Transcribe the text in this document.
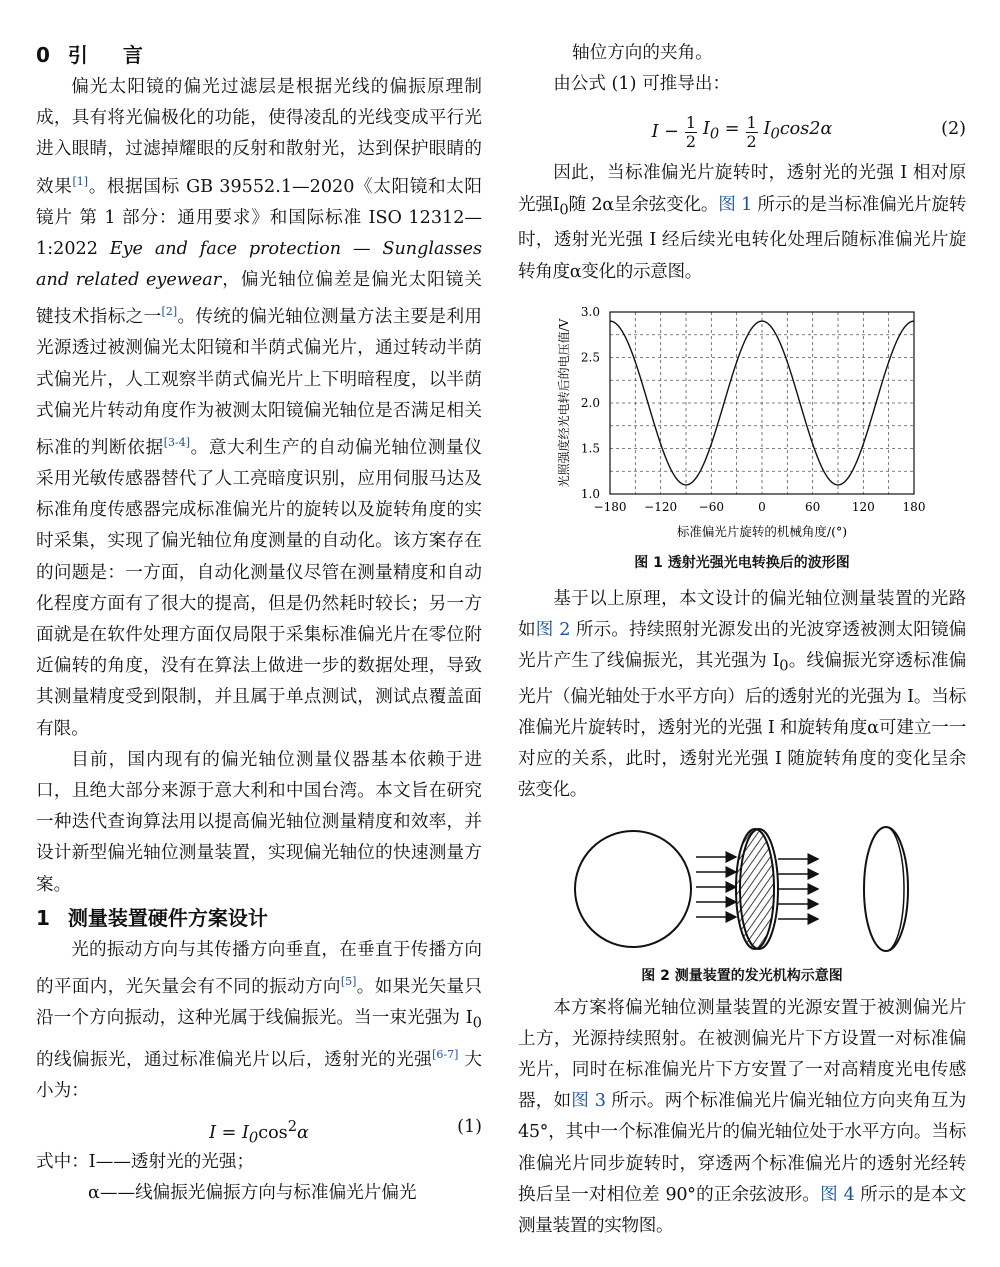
0 引 言

偏光太阳镜的偏光过滤层是根据光线的偏振原理制成，具有将光偏极化的功能，使得凌乱的光线变成平行光进入眼睛，过滤掉耀眼的反射和散射光，达到保护眼睛的效果[1]。根据国标 GB 39552.1—2020《太阳镜和太阳镜片 第 1 部分：通用要求》和国际标准 ISO 12312—1:2022 Eye and face protection — Sunglasses and related eyewear，偏光轴位偏差是偏光太阳镜关键技术指标之一[2]。传统的偏光轴位测量方法主要是利用光源透过被测偏光太阳镜和半荫式偏光片，通过转动半荫式偏光片，人工观察半荫式偏光片上下明暗程度，以半荫式偏光片转动角度作为被测太阳镜偏光轴位是否满足相关标准的判断依据[3-4]。意大利生产的自动偏光轴位测量仪采用光敏传感器替代了人工亮暗度识别，应用伺服马达及标准角度传感器完成标准偏光片的旋转以及旋转角度的实时采集，实现了偏光轴位角度测量的自动化。该方案存在的问题是：一方面，自动化测量仪尽管在测量精度和自动化程度方面有了很大的提高，但是仍然耗时较长；另一方面就是在软件处理方面仅局限于采集标准偏光片在零位附近偏转的角度，没有在算法上做进一步的数据处理，导致其测量精度受到限制，并且属于单点测试，测试点覆盖面有限。

目前，国内现有的偏光轴位测量仪器基本依赖于进口，且绝大部分来源于意大利和中国台湾。本文旨在研究一种迭代查询算法用以提高偏光轴位测量精度和效率，并设计新型偏光轴位测量装置，实现偏光轴位的快速测量方案。

1 测量装置硬件方案设计

光的振动方向与其传播方向垂直，在垂直于传播方向的平面内，光矢量会有不同的振动方向[5]。如果光矢量只沿一个方向振动，这种光属于线偏振光。当一束光强为 $I_0$ 的线偏振光，通过标准偏光片以后，透射光的光强[6-7] 大小为：

$I = I_0\cos^2\alpha$	(1)

式中：I——透射光的光强；

α——线偏振光偏振方向与标准偏光片偏光

轴位方向的夹角。

由公式 (1) 可推导出：

$I - \frac{1}{2} I_0 = \frac{1}{2} I_0\cos 2\alpha$	(2)

因此，当标准偏光片旋转时，透射光的光强 I 相对原光强$I_0$随 2α呈余弦变化。图 1 所示的是当标准偏光片旋转时，透射光光强 I 经后续光电转化处理后随标准偏光片旋转角度α变化的示意图。

1.0
1.5
2.0
2.5
3.0
−180 −120 −60	0	60	120 180
标准偏光片旋转的机械角度/(°)
光照强度经光电转后的电压值/V
图 1 透射光强光电转换后的波形图

基于以上原理，本文设计的偏光轴位测量装置的光路如图 2 所示。持续照射光源发出的光波穿透被测太阳镜偏光片产生了线偏振光，其光强为 $I_0$。线偏振光穿透标准偏光片（偏光轴处于水平方向）后的透射光的光强为 I。当标准偏光片旋转时，透射光的光强 I 和旋转角度α可建立一一对应的关系，此时，透射光光强 I 随旋转角度的变化呈余弦变化。

图 2 测量装置的发光机构示意图

本方案将偏光轴位测量装置的光源安置于被测偏光片上方，光源持续照射。在被测偏光片下方设置一对标准偏光片，同时在标准偏光片下方安置了一对高精度光电传感器，如图 3 所示。两个标准偏光片偏光轴位方向夹角互为 45°，其中一个标准偏光片的偏光轴位处于水平方向。当标准偏光片同步旋转时，穿透两个标准偏光片的透射光经转换后呈一对相位差 90°的正余弦波形。图 4 所示的是本文测量装置的实物图。
